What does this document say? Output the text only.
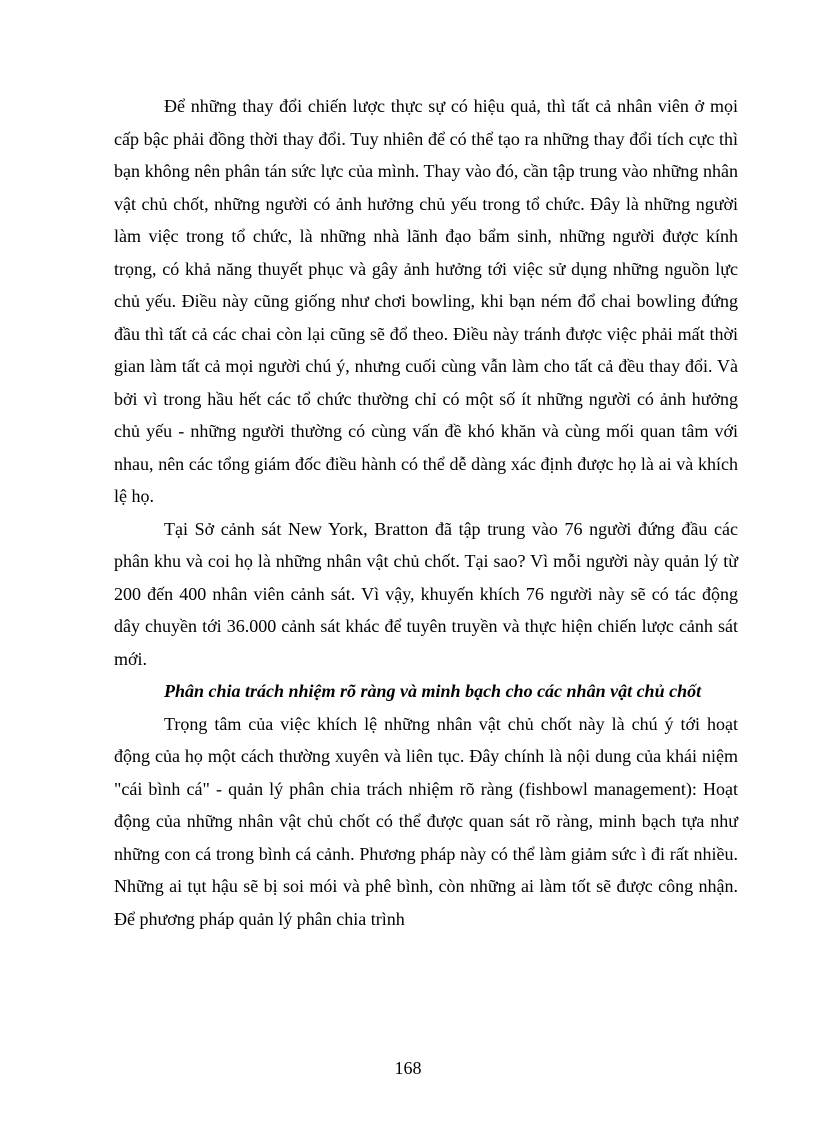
Để những thay đổi chiến lược thực sự có hiệu quả, thì tất cả nhân viên ở mọi cấp bậc phải đồng thời thay đổi. Tuy nhiên để có thể tạo ra những thay đổi tích cực thì bạn không nên phân tán sức lực của mình. Thay vào đó, cần tập trung vào những nhân vật chủ chốt, những người có ảnh hưởng chủ yếu trong tổ chức. Đây là những người làm việc trong tổ chức, là những nhà lãnh đạo bẩm sinh, những người được kính trọng, có khả năng thuyết phục và gây ảnh hưởng tới việc sử dụng những nguồn lực chủ yếu. Điều này cũng giống như chơi bowling, khi bạn ném đổ chai bowling đứng đầu thì tất cả các chai còn lại cũng sẽ đổ theo. Điều này tránh được việc phải mất thời gian làm tất cả mọi người chú ý, nhưng cuối cùng vẫn làm cho tất cả đều thay đổi. Và bởi vì trong hầu hết các tổ chức thường chỉ có một số ít những người có ảnh hưởng chủ yếu - những người thường có cùng vấn đề khó khăn và cùng mối quan tâm với nhau, nên các tổng giám đốc điều hành có thể dễ dàng xác định được họ là ai và khích lệ họ.

Tại Sở cảnh sát New York, Bratton đã tập trung vào 76 người đứng đầu các phân khu và coi họ là những nhân vật chủ chốt. Tại sao? Vì mỗi người này quản lý từ 200 đến 400 nhân viên cảnh sát. Vì vậy, khuyến khích 76 người này sẽ có tác động dây chuyền tới 36.000 cảnh sát khác để tuyên truyền và thực hiện chiến lược cảnh sát mới.

Phân chia trách nhiệm rõ ràng và minh bạch cho các nhân vật chủ chốt

Trọng tâm của việc khích lệ những nhân vật chủ chốt này là chú ý tới hoạt động của họ một cách thường xuyên và liên tục. Đây chính là nội dung của khái niệm "cái bình cá" - quản lý phân chia trách nhiệm rõ ràng (fishbowl management): Hoạt động của những nhân vật chủ chốt có thể được quan sát rõ ràng, minh bạch tựa như những con cá trong bình cá cảnh. Phương pháp này có thể làm giảm sức ì đi rất nhiều. Những ai tụt hậu sẽ bị soi mói và phê bình, còn những ai làm tốt sẽ được công nhận. Để phương pháp quản lý phân chia trình

168
